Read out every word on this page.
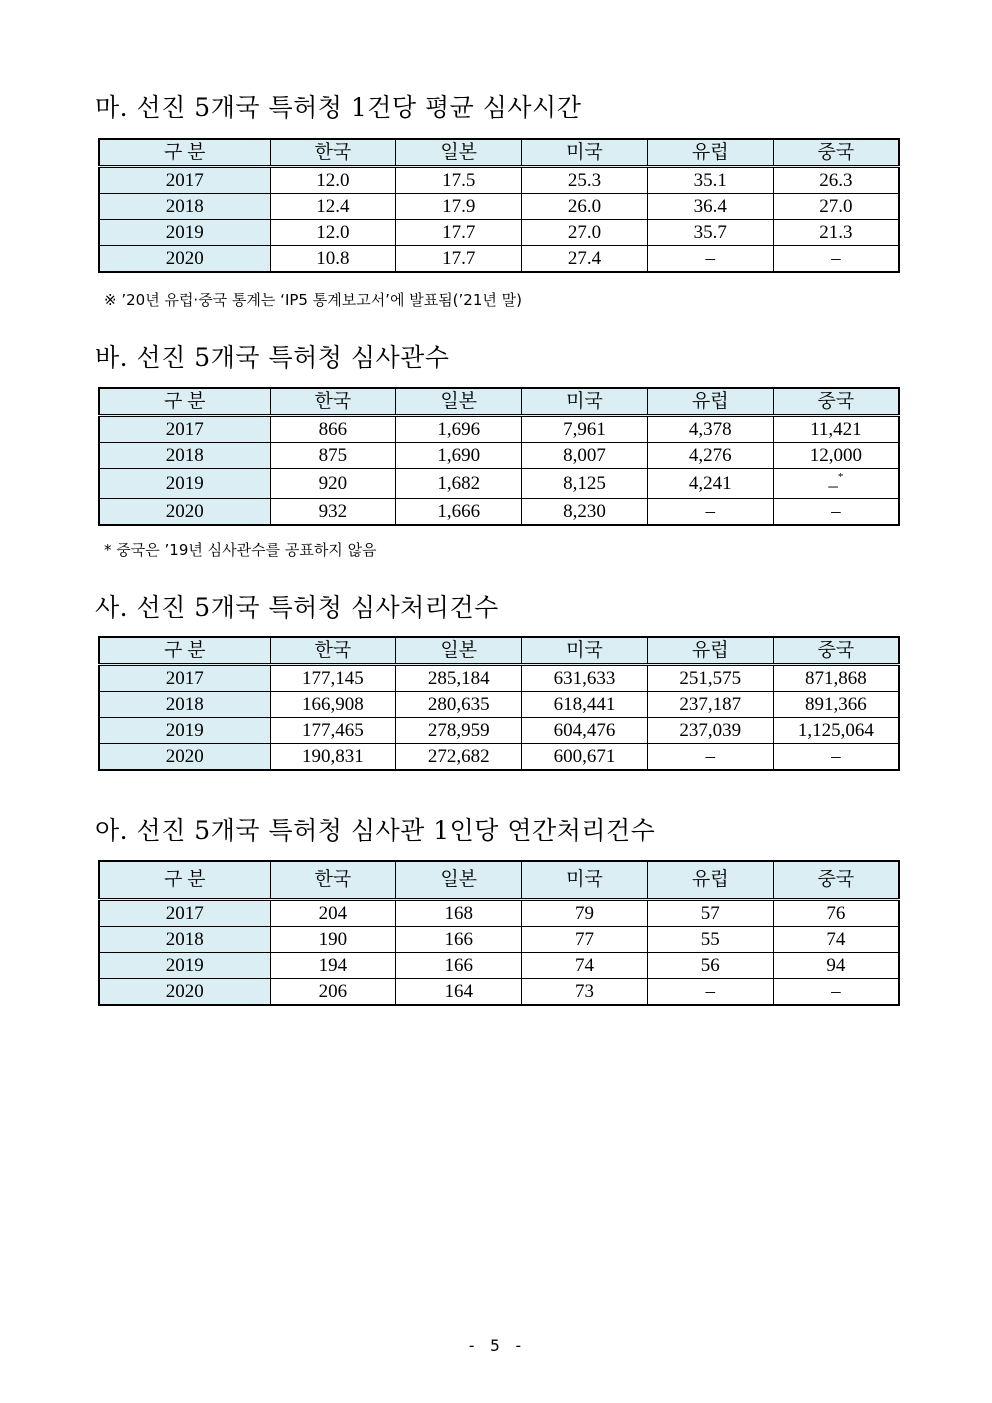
마. 선진 5개국 특허청 1건당 평균 심사시간
구 분	한국	일본	미국	유럽	중국
2017	12.0	17.5	25.3	35.1	26.3
2018	12.4	17.9	26.0	36.4	27.0
2019	12.0	17.7	27.0	35.7	21.3
2020	10.8	17.7	27.4	–	–
※ ’20년 유럽·중국 통계는 ‘IP5 통계보고서’에 발표됨(’21년 말)
바. 선진 5개국 특허청 심사관수
구 분	한국	일본	미국	유럽	중국
2017	866	1,696	7,961	4,378	11,421
2018	875	1,690	8,007	4,276	12,000
2019	920	1,682	8,125	4,241	–*
2020	932	1,666	8,230	–	–
* 중국은 ’19년 심사관수를 공표하지 않음
사. 선진 5개국 특허청 심사처리건수
구 분	한국	일본	미국	유럽	중국
2017	177,145	285,184	631,633	251,575	871,868
2018	166,908	280,635	618,441	237,187	891,366
2019	177,465	278,959	604,476	237,039	1,125,064
2020	190,831	272,682	600,671	–	–
아. 선진 5개국 특허청 심사관 1인당 연간처리건수
구 분	한국	일본	미국	유럽	중국
2017	204	168	79	57	76
2018	190	166	77	55	74
2019	194	166	74	56	94
2020	206	164	73	–	–
- 5 -
